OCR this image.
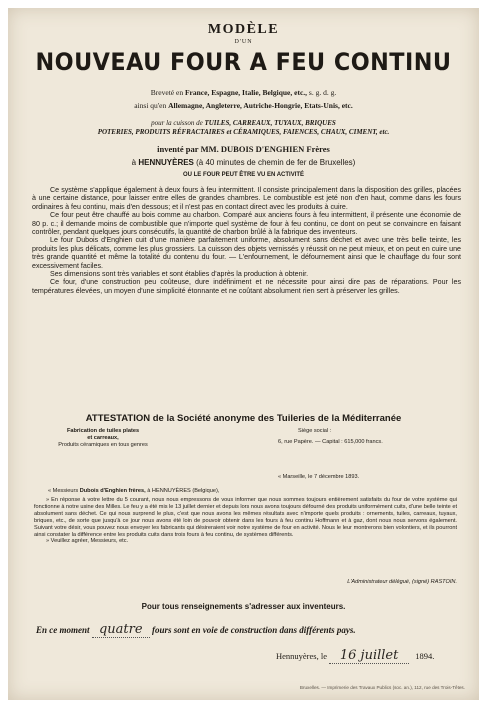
MODÈLE
D'UN
NOUVEAU FOUR A FEU CONTINU
Breveté en France, Espagne, Italie, Belgique, etc., s. g. d. g.
ainsi qu'en Allemagne, Angleterre, Autriche-Hongrie, Etats-Unis, etc.
pour la cuisson de TUILES, CARREAUX, TUYAUX, BRIQUES
POTERIES, PRODUITS RÉFRACTAIRES et CÉRAMIQUES, FAIENCES, CHAUX, CIMENT, etc.
inventé par MM. DUBOIS D'ENGHIEN Frères
à HENNUYÈRES (à 40 minutes de chemin de fer de Bruxelles)
OU LE FOUR PEUT ÊTRE VU EN ACTIVITÉ

Ce système s'applique également à deux fours à feu intermittent. Il consiste principalement dans la disposition des grilles, placées à une certaine distance, pour laisser entre elles de grandes chambres. Le combustible est jeté non d'en haut, comme dans les fours ordinaires à feu continu, mais d'en dessous; et il n'est pas en contact direct avec les produits à cuire.

Ce four peut être chauffé au bois comme au charbon. Comparé aux anciens fours à feu intermittent, il présente une économie de 80 p. c.; il demande moins de combustible que n'importe quel système de four à feu continu, ce dont on peut se convaincre en faisant contrôler, pendant quelques jours consécutifs, la quantité de charbon brûlé à la fabrique des inventeurs.

Le four Dubois d'Enghien cuit d'une manière parfaitement uniforme, absolument sans déchet et avec une très belle teinte, les produits les plus délicats, comme les plus grossiers. La cuisson des objets vernissés y réussit on ne peut mieux, et on peut en cuire une très grande quantité et même la totalité du contenu du four. — L'enfournement, le défournement ainsi que le chauffage du four sont excessivement faciles.

Ses dimensions sont très variables et sont établies d'après la production à obtenir.

Ce four, d'une construction peu coûteuse, dure indéfiniment et ne nécessite pour ainsi dire pas de réparations. Pour les températures élevées, un moyen d'une simplicité étonnante et ne coûtant absolument rien sert à préserver les grilles.

ATTESTATION de la Société anonyme des Tuileries de la Méditerranée
Fabrication de tuiles plates
et carreaux,
Produits céramiques en tous genres
Siège social :
6, rue Papère. — Capital : 615,000 francs.
« Marseille, le 7 décembre 1893.
« Messieurs Dubois d'Enghien frères, à HENNUYÈRES (Belgique),

» En réponse à votre lettre du 5 courant, nous nous empressons de vous informer que nous sommes toujours entièrement satisfaits du four de votre système qui fonctionne à notre usine des Milles. Le feu y a été mis le 13 juillet dernier et depuis lors nous avons toujours défourné des produits uniformément cuits, d'une belle teinte et absolument sans déchet. Ce qui nous surprend le plus, c'est que nous avons les mêmes résultats avec n'importe quels produits : ornements, tuiles, carreaux, tuyaux, briques, etc., de sorte que jusqu'à ce jour nous avons été loin de pouvoir obtenir dans les fours à feu continu Hoffmann et à gaz, dont nous nous servons également. Suivant votre désir, vous pouvez nous envoyer les fabricants qui désireraient voir notre système de four en activité. Nous le leur montrerons bien volontiers, et ils pourront ainsi constater la différence entre les produits cuits dans trois fours à feu continu, de systèmes différents.

» Veuillez agréer, Messieurs, etc.

L'Administrateur délégué, (signé) RASTOIN.
Pour tous renseignements s'adresser aux inventeurs.
En ce moment quatre fours sont en voie de construction dans différents pays.
Hennuyères, le 16 juillet 1894.
Bruxelles. — Imprimerie des Travaux Publics (soc. an.), 112, rue des Trois-Têtes.
